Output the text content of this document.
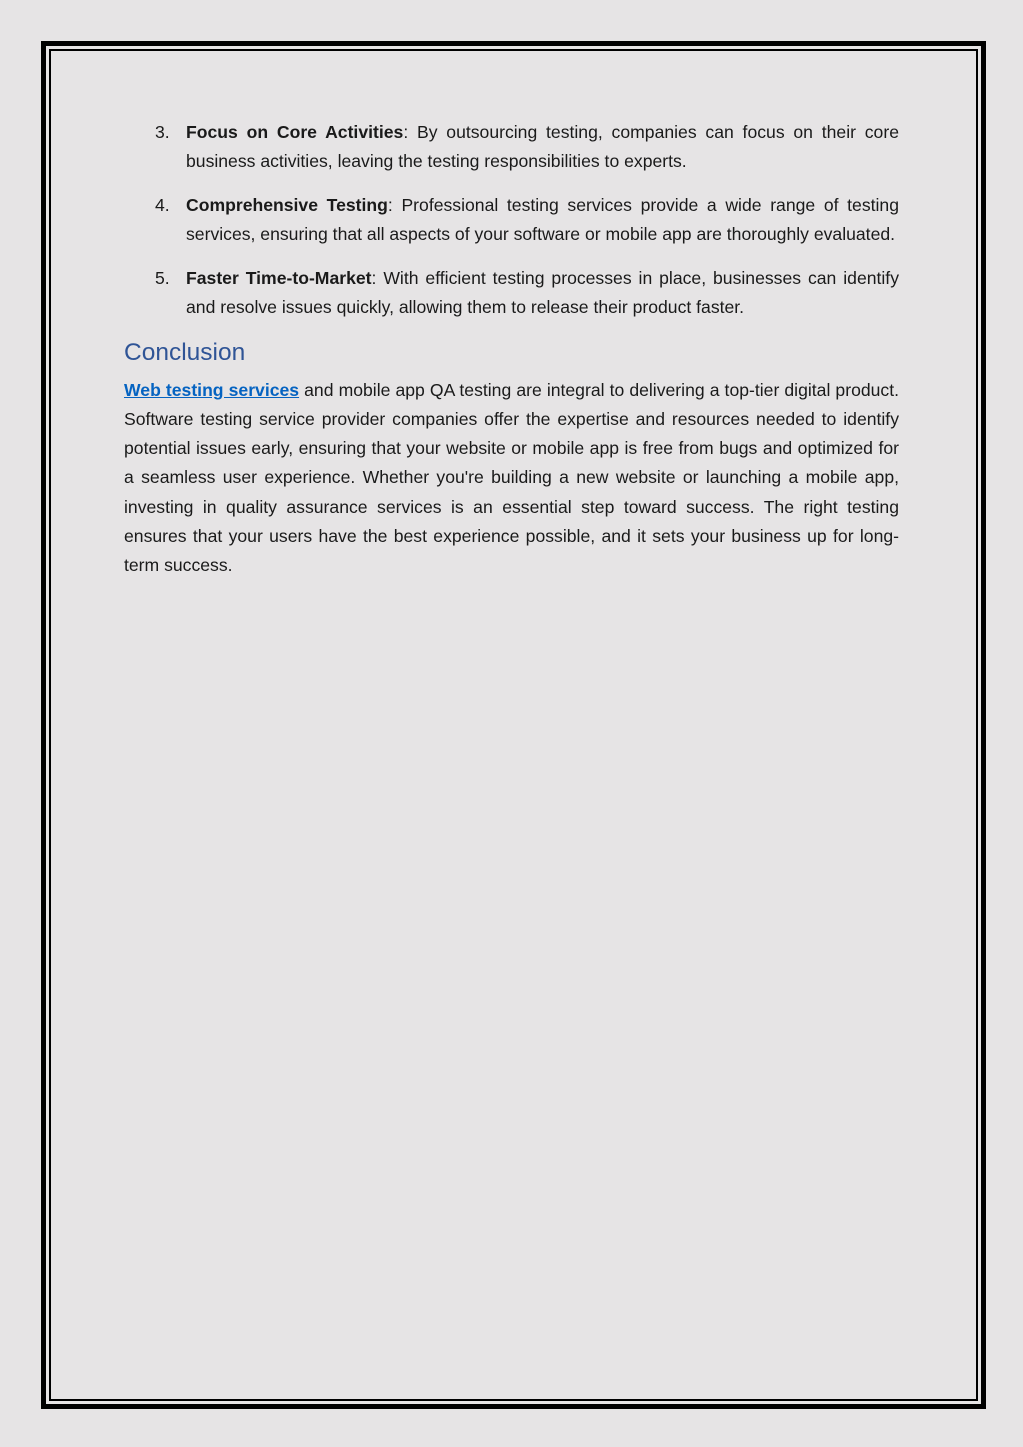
3. Focus on Core Activities: By outsourcing testing, companies can focus on their core business activities, leaving the testing responsibilities to experts.
4. Comprehensive Testing: Professional testing services provide a wide range of testing services, ensuring that all aspects of your software or mobile app are thoroughly evaluated.
5. Faster Time-to-Market: With efficient testing processes in place, businesses can identify and resolve issues quickly, allowing them to release their product faster.
Conclusion

Web testing services and mobile app QA testing are integral to delivering a top-tier digital product. Software testing service provider companies offer the expertise and resources needed to identify potential issues early, ensuring that your website or mobile app is free from bugs and optimized for a seamless user experience. Whether you're building a new website or launching a mobile app, investing in quality assurance services is an essential step toward success. The right testing ensures that your users have the best experience possible, and it sets your business up for long-term success.
